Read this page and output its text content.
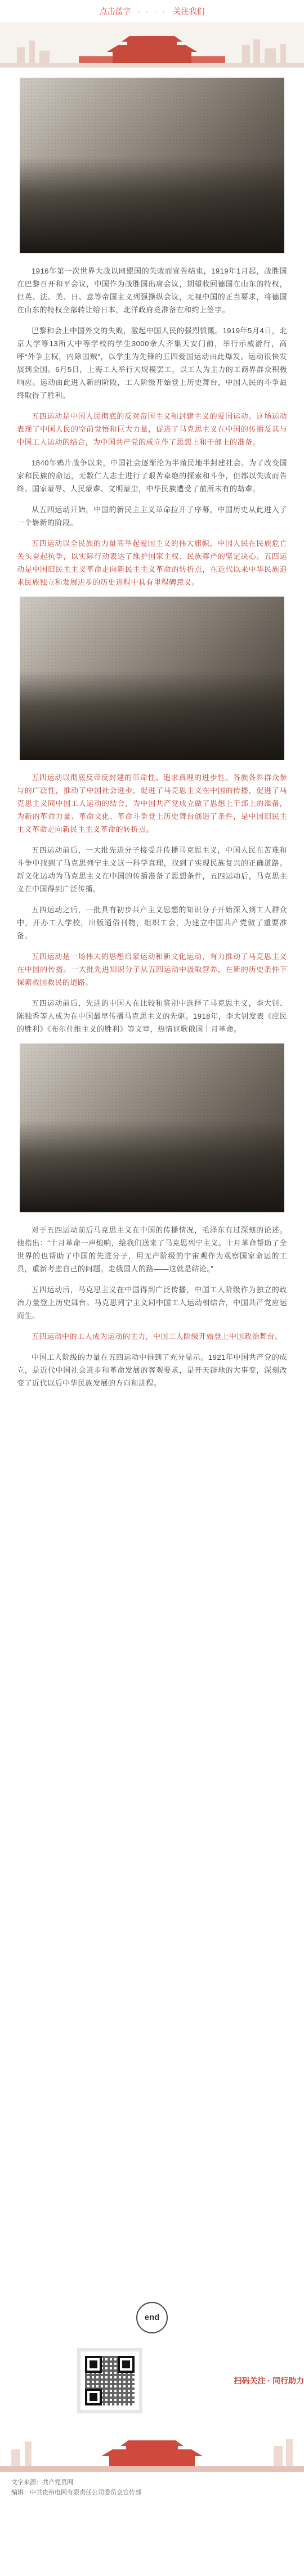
点击蓝字 · · · · 关注我们

1916年第一次世界大战以同盟国的失败而宣告结束，1919年1月起，战胜国在巴黎召开和平会议，中国作为战胜国出席会议，期望收回德国在山东的特权，但英、法、美、日、意等帝国主义列强操纵会议，无视中国的正当要求，将德国在山东的特权全部转让给日本，北洋政府竟准备在和约上签字。

巴黎和会上中国外交的失败，激起中国人民的强烈愤慨。1919年5月4日，北京大学等13所大中等学校的学生3000余人齐集天安门前，举行示威游行，高呼“外争主权，内除国贼”，以学生为先锋的五四爱国运动由此爆发。运动很快发展到全国。6月5日，上海工人举行大规模罢工，以工人为主力的工商界群众积极响应。运动由此进入新的阶段，工人阶级开始登上历史舞台，中国人民的斗争最终取得了胜利。

五四运动是中国人民彻底的反对帝国主义和封建主义的爱国运动。这场运动表现了中国人民的空前觉悟和巨大力量，促进了马克思主义在中国的传播及其与中国工人运动的结合，为中国共产党的成立作了思想上和干部上的准备。

1840年鸦片战争以来，中国社会逐渐沦为半殖民地半封建社会。为了改变国家和民族的命运，无数仁人志士进行了艰苦卓绝的探索和斗争，但都以失败而告终。国家蒙辱、人民蒙难、文明蒙尘，中华民族遭受了前所未有的劫难。

从五四运动开始，中国的新民主主义革命拉开了序幕，中国历史从此进入了一个崭新的阶段。

五四运动以全民族的力量高举起爱国主义的伟大旗帜，中国人民在民族危亡关头奋起抗争，以实际行动表达了维护国家主权、民族尊严的坚定决心。五四运动是中国旧民主主义革命走向新民主主义革命的转折点，在近代以来中华民族追求民族独立和发展进步的历史进程中具有里程碑意义。

五四运动以彻底反帝反封建的革命性、追求真理的进步性、各族各界群众参与的广泛性，推动了中国社会进步，促进了马克思主义在中国的传播，促进了马克思主义同中国工人运动的结合，为中国共产党成立做了思想上干部上的准备，为新的革命力量、革命文化、革命斗争登上历史舞台创造了条件，是中国旧民主主义革命走向新民主主义革命的转折点。

五四运动前后，一大批先进分子接受并传播马克思主义，中国人民在苦难和斗争中找到了马克思列宁主义这一科学真理，找到了实现民族复兴的正确道路。新文化运动为马克思主义在中国的传播准备了思想条件，五四运动后，马克思主义在中国得到广泛传播。

五四运动之后，一批具有初步共产主义思想的知识分子开始深入到工人群众中，开办工人学校，出版通俗刊物，组织工会，为建立中国共产党做了重要准备。

五四运动是一场伟大的思想启蒙运动和新文化运动，有力推动了马克思主义在中国的传播。一大批先进知识分子从五四运动中汲取营养，在新的历史条件下探索救国救民的道路。

五四运动前后，先进的中国人在比较和鉴别中选择了马克思主义，李大钊、陈独秀等人成为在中国最早传播马克思主义的先驱。1918年，李大钊发表《庶民的胜利》《布尔什维主义的胜利》等文章，热情讴歌俄国十月革命。

对于五四运动前后马克思主义在中国的传播情况，毛泽东有过深刻的论述。他指出：“十月革命一声炮响，给我们送来了马克思列宁主义。十月革命帮助了全世界的也帮助了中国的先进分子，用无产阶级的宇宙观作为观察国家命运的工具，重新考虑自己的问题。走俄国人的路——这就是结论。”

五四运动后，马克思主义在中国得到广泛传播，中国工人阶级作为独立的政治力量登上历史舞台。马克思列宁主义同中国工人运动相结合，中国共产党应运而生。

五四运动中的工人成为运动的主力，中国工人阶级开始登上中国政治舞台。

中国工人阶级的力量在五四运动中得到了充分显示。1921年中国共产党的成立，是近代中国社会进步和革命发展的客观要求，是开天辟地的大事变，深刻改变了近代以后中华民族发展的方向和进程。

end
扫码关注 · 同行助力
文字来源：共产党员网
编辑：中共贵州电网有限责任公司委员会宣传部
